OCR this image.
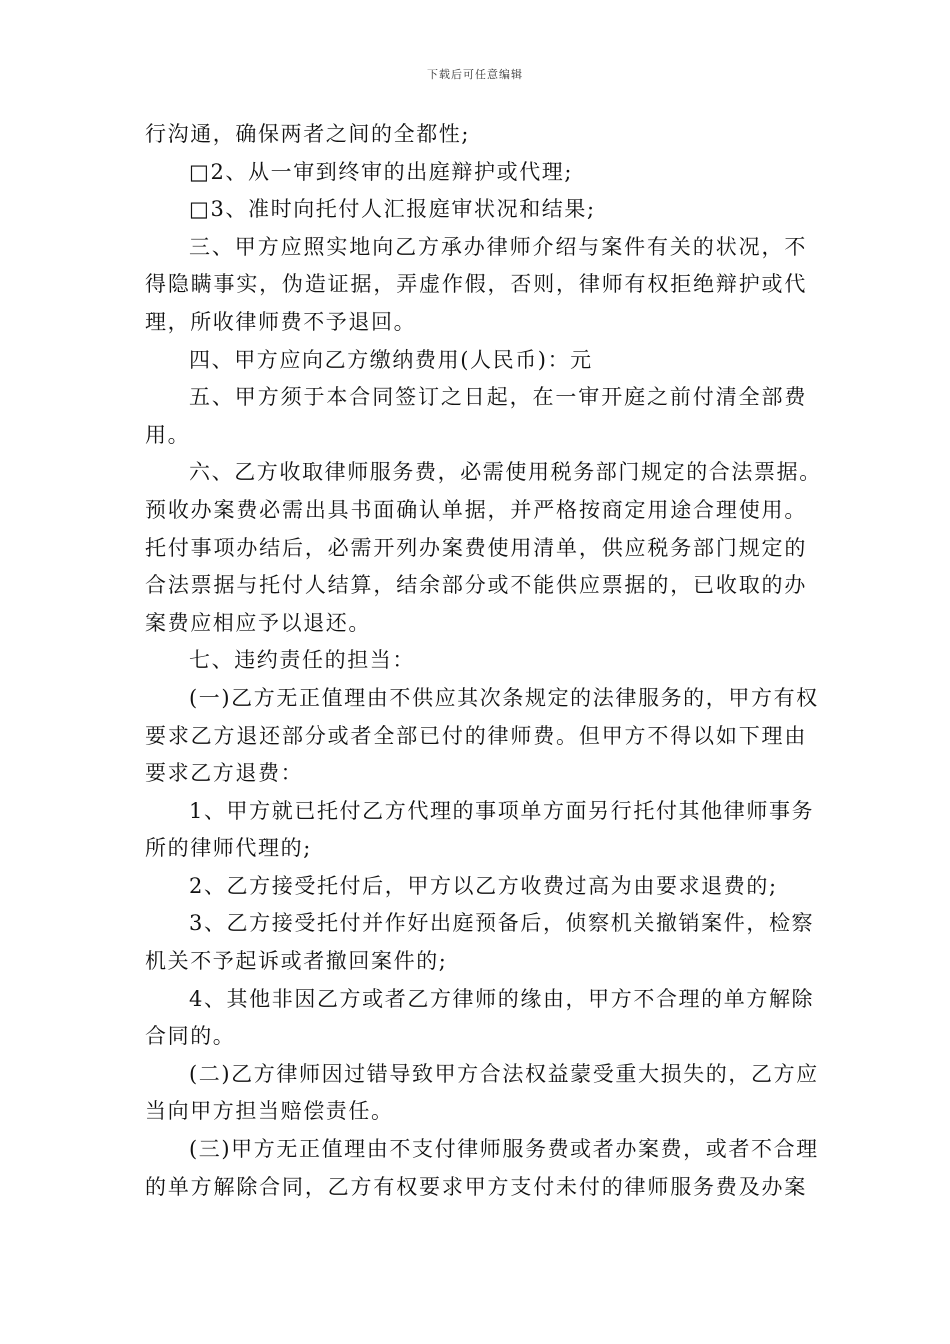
下载后可任意编辑
行沟通，确保两者之间的全都性;
□2、从一审到终审的出庭辩护或代理;
□3、准时向托付人汇报庭审状况和结果;
三、甲方应照实地向乙方承办律师介绍与案件有关的状况，不
得隐瞒事实，伪造证据，弄虚作假，否则，律师有权拒绝辩护或代
理，所收律师费不予退回。
四、甲方应向乙方缴纳费用(人民币)：元
五、甲方须于本合同签订之日起，在一审开庭之前付清全部费
用。
六、乙方收取律师服务费，必需使用税务部门规定的合法票据。
预收办案费必需出具书面确认单据，并严格按商定用途合理使用。
托付事项办结后，必需开列办案费使用清单，供应税务部门规定的
合法票据与托付人结算，结余部分或不能供应票据的，已收取的办
案费应相应予以退还。
七、违约责任的担当：
(一)乙方无正值理由不供应其次条规定的法律服务的，甲方有权
要求乙方退还部分或者全部已付的律师费。但甲方不得以如下理由
要求乙方退费：
1、甲方就已托付乙方代理的事项单方面另行托付其他律师事务
所的律师代理的;
2、乙方接受托付后，甲方以乙方收费过高为由要求退费的;
3、乙方接受托付并作好出庭预备后，侦察机关撤销案件，检察
机关不予起诉或者撤回案件的;
4、其他非因乙方或者乙方律师的缘由，甲方不合理的单方解除
合同的。
(二)乙方律师因过错导致甲方合法权益蒙受重大损失的，乙方应
当向甲方担当赔偿责任。
(三)甲方无正值理由不支付律师服务费或者办案费，或者不合理
的单方解除合同，乙方有权要求甲方支付未付的律师服务费及办案
